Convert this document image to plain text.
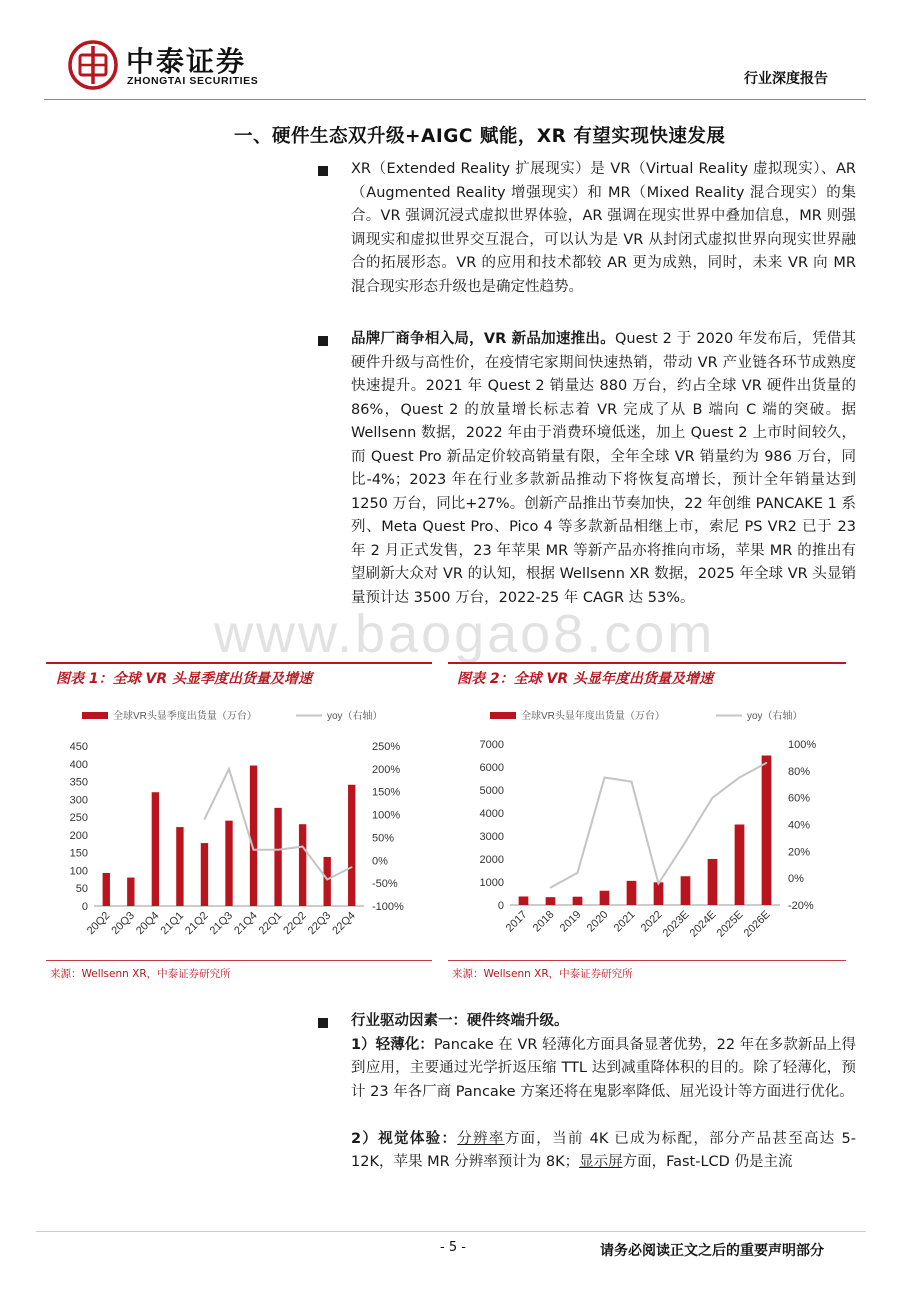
中泰证券
ZHONGTAI SECURITIES	行业深度报告
一、硬件生态双升级+AIGC 赋能，XR 有望实现快速发展
XR（Extended Reality 扩展现实）是 VR（Virtual Reality 虚拟现实）、AR（Augmented Reality 增强现实）和 MR（Mixed Reality 混合现实）的集合。VR 强调沉浸式虚拟世界体验，AR 强调在现实世界中叠加信息，MR 则强调现实和虚拟世界交互混合，可以认为是 VR 从封闭式虚拟世界向现实世界融合的拓展形态。VR 的应用和技术都较 AR 更为成熟，同时，未来 VR 向 MR 混合现实形态升级也是确定性趋势。
品牌厂商争相入局，VR 新品加速推出。Quest 2 于 2020 年发布后，凭借其硬件升级与高性价，在疫情宅家期间快速热销，带动 VR 产业链各环节成熟度快速提升。2021 年 Quest 2 销量达 880 万台，约占全球 VR 硬件出货量的 86%，Quest 2 的放量增长标志着 VR 完成了从 B 端向 C 端的突破。据 Wellsenn 数据，2022 年由于消费环境低迷，加上 Quest 2 上市时间较久，而 Quest Pro 新品定价较高销量有限，全年全球 VR 销量约为 986 万台，同比-4%；2023 年在行业多款新品推动下将恢复高增长，预计全年销量达到 1250 万台，同比+27%。创新产品推出节奏加快，22 年创维 PANCAKE 1 系列、Meta Quest Pro、Pico 4 等多款新品相继上市，索尼 PS VR2 已于 23 年 2 月正式发售，23 年苹果 MR 等新产品亦将推向市场，苹果 MR 的推出有望刷新大众对 VR 的认知，根据 Wellsenn XR 数据，2025 年全球 VR 头显销量预计达 3500 万台，2022-25 年 CAGR 达 53%。
www.baogao8.com
图表 1：全球 VR 头显季度出货量及增速
全球VR头显季度出货量（万台）	yoy（右轴）
0
50
100
150
200
250
300
350
400
450
-100%
-50%
0%
50%
100%
150%
200%
250%
20Q2
20Q3
20Q4
21Q1
21Q2
21Q3
21Q4
22Q1
22Q2
22Q3
22Q4
来源：Wellsenn XR，中泰证券研究所
图表 2：全球 VR 头显年度出货量及增速
全球VR头显年度出货量（万台）	yoy（右轴）
0
1000
2000
3000
4000
5000
6000
7000
-20%
0%
20%
40%
60%
80%
100%
2017 2018 2019 2020 2021 2022
2023E
2024E
2025E
2026E
来源：Wellsenn XR，中泰证券研究所
行业驱动因素一：硬件终端升级。
1）轻薄化：Pancake 在 VR 轻薄化方面具备显著优势，22 年在多款新品上得到应用，主要通过光学折返压缩 TTL 达到减重降体积的目的。除了轻薄化，预计 23 年各厂商 Pancake 方案还将在鬼影率降低、屈光设计等方面进行优化。
2）视觉体验：分辨率方面，当前 4K 已成为标配，部分产品甚至高达 5-12K，苹果 MR 分辨率预计为 8K；显示屏方面，Fast-LCD 仍是主流
- 5 -	请务必阅读正文之后的重要声明部分
